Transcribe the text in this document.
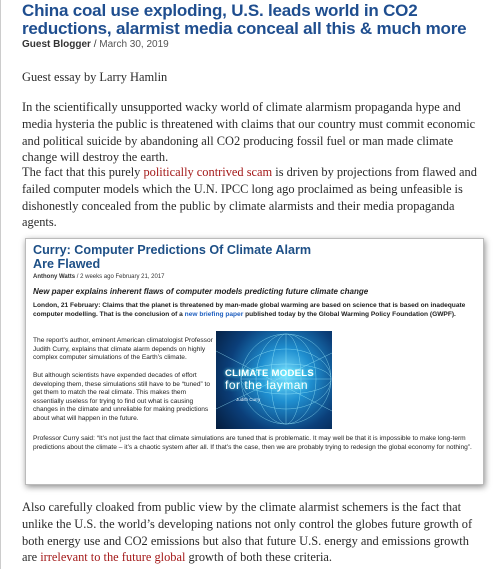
China coal use exploding, U.S. leads world in CO2 reductions, alarmist media conceal all this & much more
Guest Blogger / March 30, 2019

Guest essay by Larry Hamlin

In the scientifically unsupported wacky world of climate alarmism propaganda hype and media hysteria the public is threatened with claims that our country must commit economic and political suicide by abandoning all CO2 producing fossil fuel or man made climate change will destroy the earth.

The fact that this purely politically contrived scam is driven by projections from flawed and failed computer models which the U.N. IPCC long ago proclaimed as being unfeasible is dishonestly concealed from the public by climate alarmists and their media propaganda agents.

Curry: Computer Predictions Of Climate Alarm Are Flawed
Anthony Watts / 2 weeks ago February 21, 2017
New paper explains inherent flaws of computer models predicting future climate change

London, 21 February: Claims that the planet is threatened by man-made global warming are based on science that is based on inadequate computer modelling. That is the conclusion of a new briefing paper published today by the Global Warming Policy Foundation (GWPF).

The report’s author, eminent American climatologist Professor Judith Curry, explains that climate alarm depends on highly complex computer simulations of the Earth’s climate.

But although scientists have expended decades of effort developing them, these simulations still have to be “tuned” to get them to match the real climate. This makes them essentially useless for trying to find out what is causing changes in the climate and unreliable for making predictions about what will happen in the future.

Professor Curry said: “It’s not just the fact that climate simulations are tuned that is problematic. It may well be that it is impossible to make long-term predictions about the climate – it’s a chaotic system after all. If that’s the case, then we are probably trying to redesign the global economy for nothing”.

CLIMATE MODELS
for the layman
Judith Curry

Also carefully cloaked from public view by the climate alarmist schemers is the fact that unlike the U.S. the world’s developing nations not only control the globes future growth of both energy use and CO2 emissions but also that future U.S. energy and emissions growth are irrelevant to the future global growth of both these criteria.
